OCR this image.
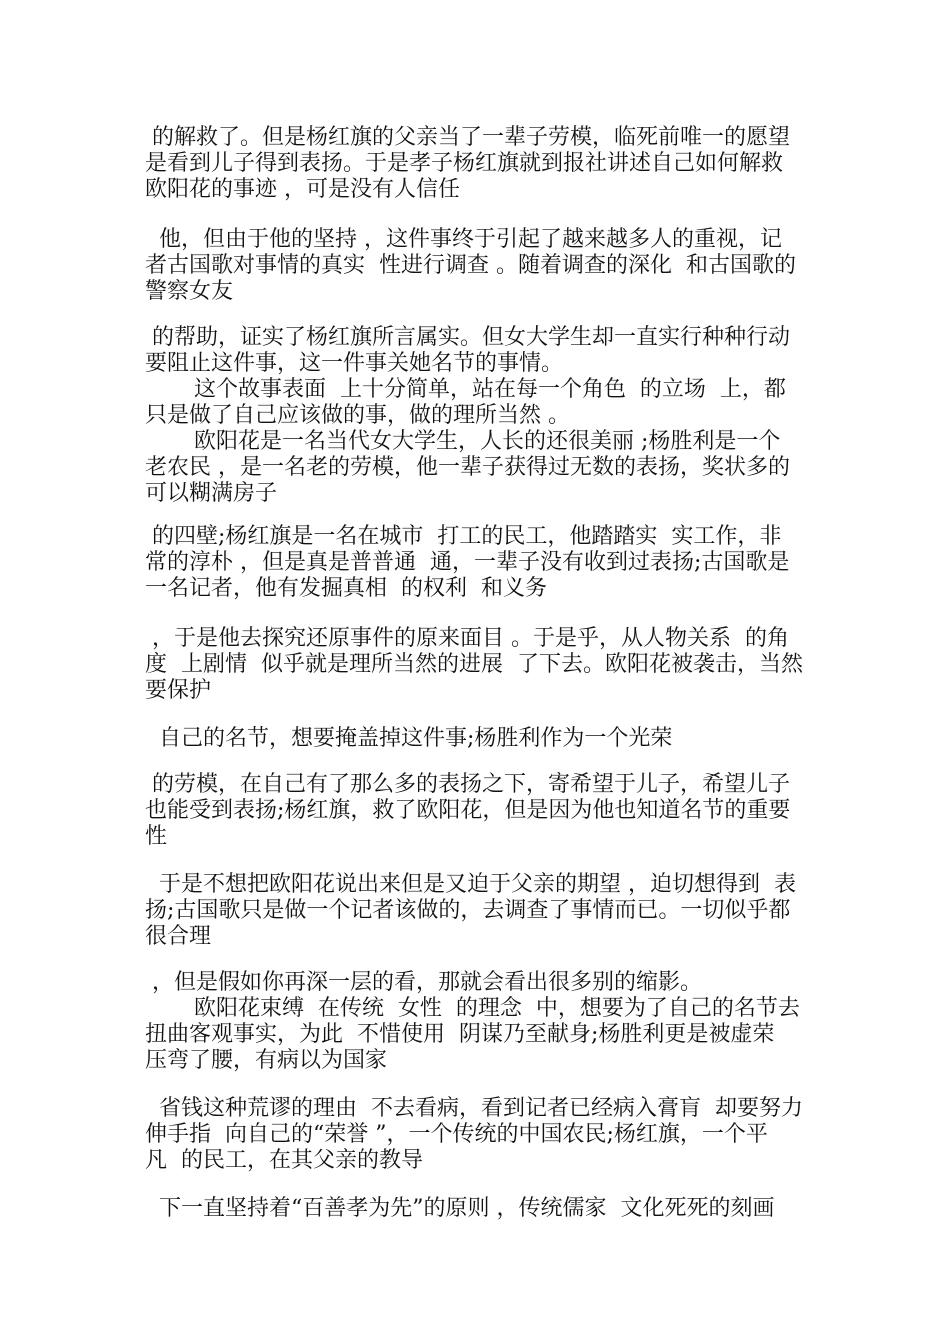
的解救了。但是杨红旗的父亲当了一辈子劳模，临死前唯一的愿望
是看到儿子得到表扬。于是孝子杨红旗就到报社讲述自己如何解救
欧阳花的事迹 ，可是没有人信任
他，但由于他的坚持 ，这件事终于引起了越来越多人的重视，记
者古国歌对事情的真实  性进行调查 。随着调查的深化  和古国歌的
警察女友
的帮助，证实了杨红旗所言属实。但女大学生却一直实行种种行动
要阻止这件事，这一件事关她名节的事情。
这个故事表面  上十分简单，站在每一个角色  的立场  上，都
只是做了自己应该做的事，做的理所当然 。
欧阳花是一名当代女大学生，人长的还很美丽 ;杨胜利是一个
老农民 ，是一名老的劳模，他一辈子获得过无数的表扬，奖状多的
可以糊满房子
的四壁;杨红旗是一名在城市  打工的民工，他踏踏实  实工作，非
常的淳朴 ，但是真是普普通  通，一辈子没有收到过表扬;古国歌是
一名记者，他有发掘真相  的权利  和义务
，于是他去探究还原事件的原来面目 。于是乎，从人物关系  的角
度  上剧情  似乎就是理所当然的进展  了下去。欧阳花被袭击，当然
要保护
自己的名节，想要掩盖掉这件事;杨胜利作为一个光荣
的劳模，在自己有了那么多的表扬之下，寄希望于儿子，希望儿子
也能受到表扬;杨红旗，救了欧阳花，但是因为他也知道名节的重要
性
于是不想把欧阳花说出来但是又迫于父亲的期望 ，迫切想得到  表
扬;古国歌只是做一个记者该做的，去调查了事情而已。一切似乎都
很合理
，但是假如你再深一层的看，那就会看出很多别的缩影。
欧阳花束缚  在传统  女性  的理念  中，想要为了自己的名节去
扭曲客观事实，为此  不惜使用  阴谋乃至献身;杨胜利更是被虚荣
压弯了腰，有病以为国家
省钱这种荒谬的理由  不去看病，看到记者已经病入膏肓  却要努力
伸手指  向自己的“荣誉 ”，一个传统的中国农民;杨红旗，一个平
凡  的民工，在其父亲的教导
下一直坚持着“百善孝为先”的原则 ，传统儒家  文化死死的刻画
